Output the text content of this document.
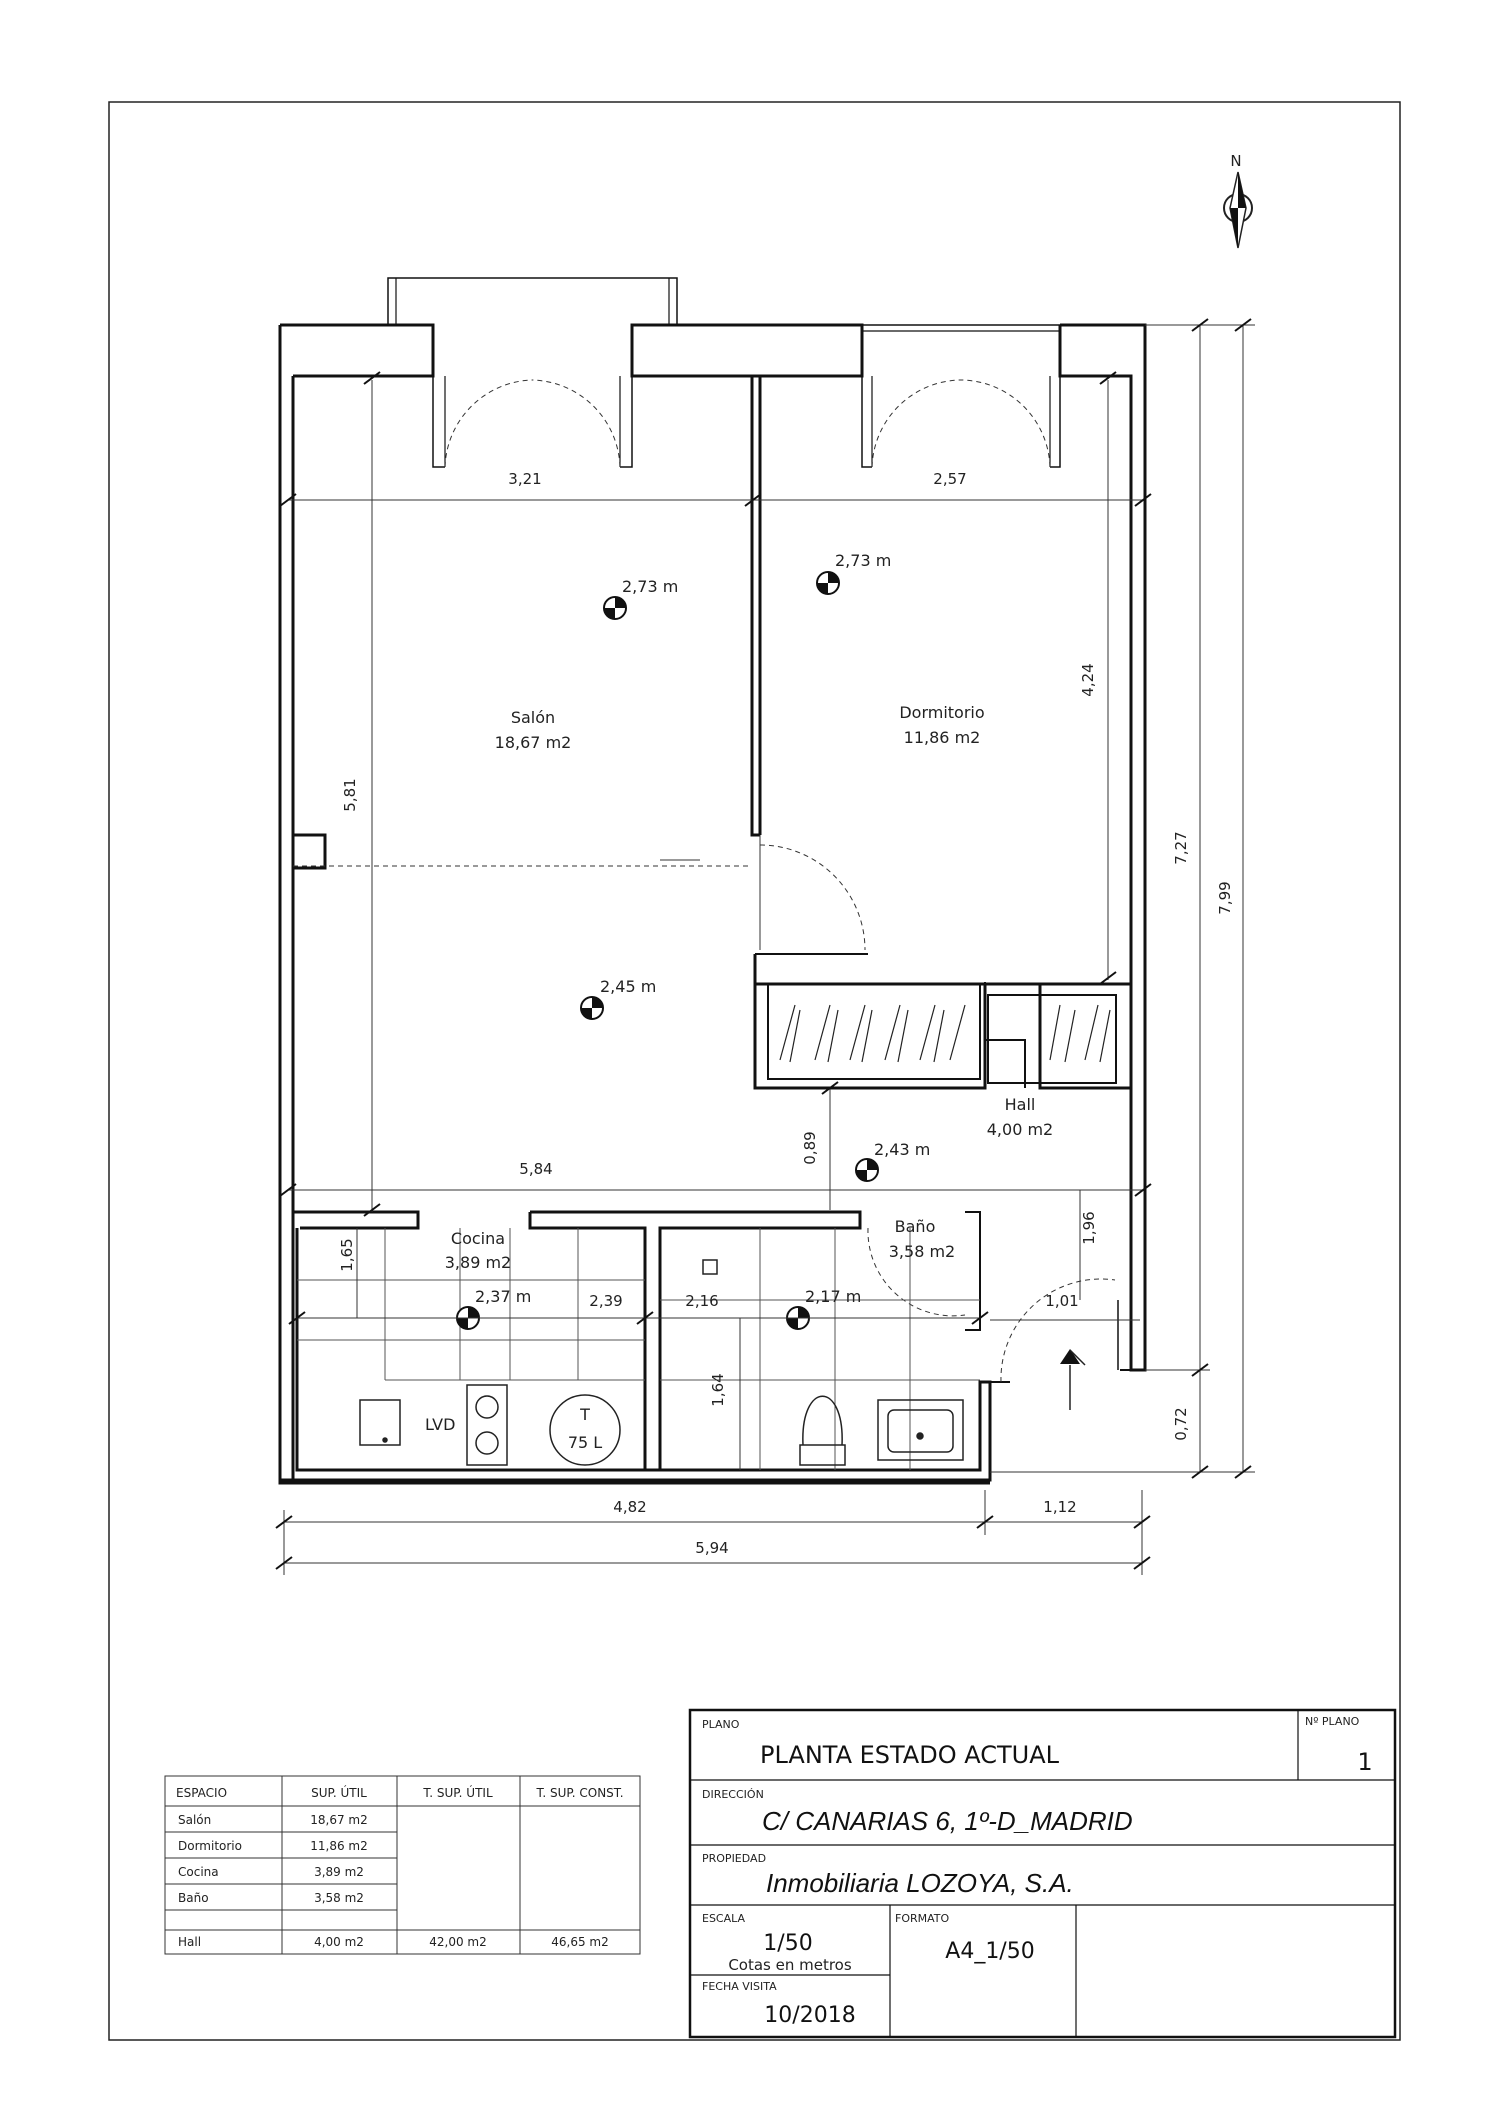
N
LVD
T
75 L
2,73 m
2,73 m
2,45 m
2,43 m
2,37 m	2,17 m
Salón
18,67 m2
Dormitorio
11,86 m2
Hall
4,00 m2
Cocina
3,89 m2
Baño
3,58 m2
3,21	2,57
4,24
5,81
7,27
7,99
5,84
0,89
1,65
2,39	2,16
1,64
1,96
1,01
0,72
4,82	1,12
5,94
ESPACIO	SUP. ÚTIL	T. SUP. ÚTIL	T. SUP. CONST.
Salón	18,67 m2
Dormitorio	11,86 m2
Cocina	3,89 m2
Baño	3,58 m2
Hall	4,00 m2	42,00 m2	46,65 m2
PLANO
PLANTA ESTADO ACTUAL
Nº PLANO
1
DIRECCIÓN
C/ CANARIAS 6, 1º-D_MADRID
PROPIEDAD
Inmobiliaria LOZOYA, S.A.
ESCALA
1/50
Cotas en metros
FORMATO
A4_1/50
FECHA VISITA
10/2018
